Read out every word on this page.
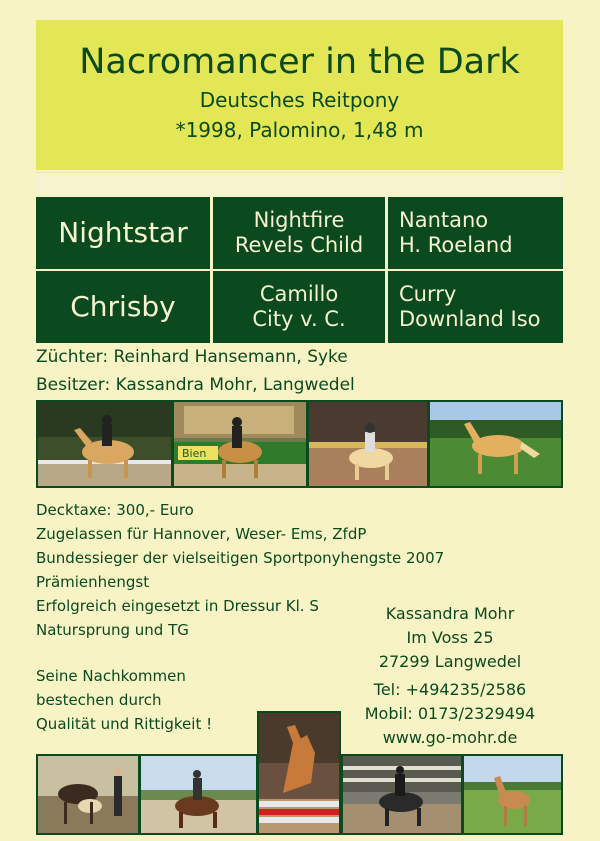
Nacromancer in the Dark
Deutsches Reitpony
*1998, Palomino, 1,48 m
Nightstar	Nightfire
Revels Child
Nantano
H. Roeland
Chrisby	Camillo
City v. C.
Curry
Downland Iso
Züchter: Reinhard Hansemann, Syke
Besitzer: Kassandra Mohr, Langwedel
Bien
Decktaxe: 300,- Euro
Zugelassen für Hannover, Weser- Ems, ZfdP
Bundessieger der vielseitigen Sportponyhengste 2007
Prämienhengst
Erfolgreich eingesetzt in Dressur Kl. S
Natursprung und TG
Seine Nachkommen
bestechen durch
Qualität und Rittigkeit !
Kassandra Mohr
Im Voss 25
27299 Langwedel
Tel: +494235/2586
Mobil: 0173/2329494
www.go-mohr.de
